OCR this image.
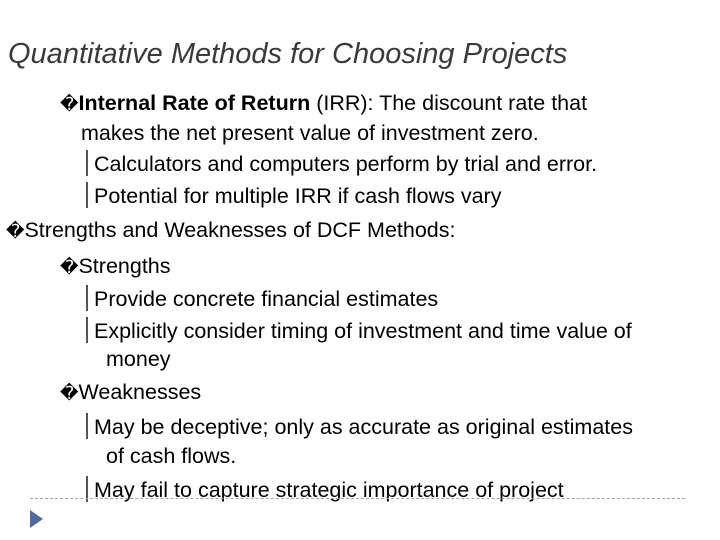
Quantitative Methods for Choosing Projects
�Internal Rate of Return (IRR): The discount rate that
makes the net present value of investment zero.
Calculators and computers perform by trial and error.
Potential for multiple IRR if cash flows vary
�Strengths and Weaknesses of DCF Methods:
�Strengths
Provide concrete financial estimates
Explicitly consider timing of investment and time value of
money
�Weaknesses
May be deceptive; only as accurate as original estimates
of cash flows.
May fail to capture strategic importance of project
